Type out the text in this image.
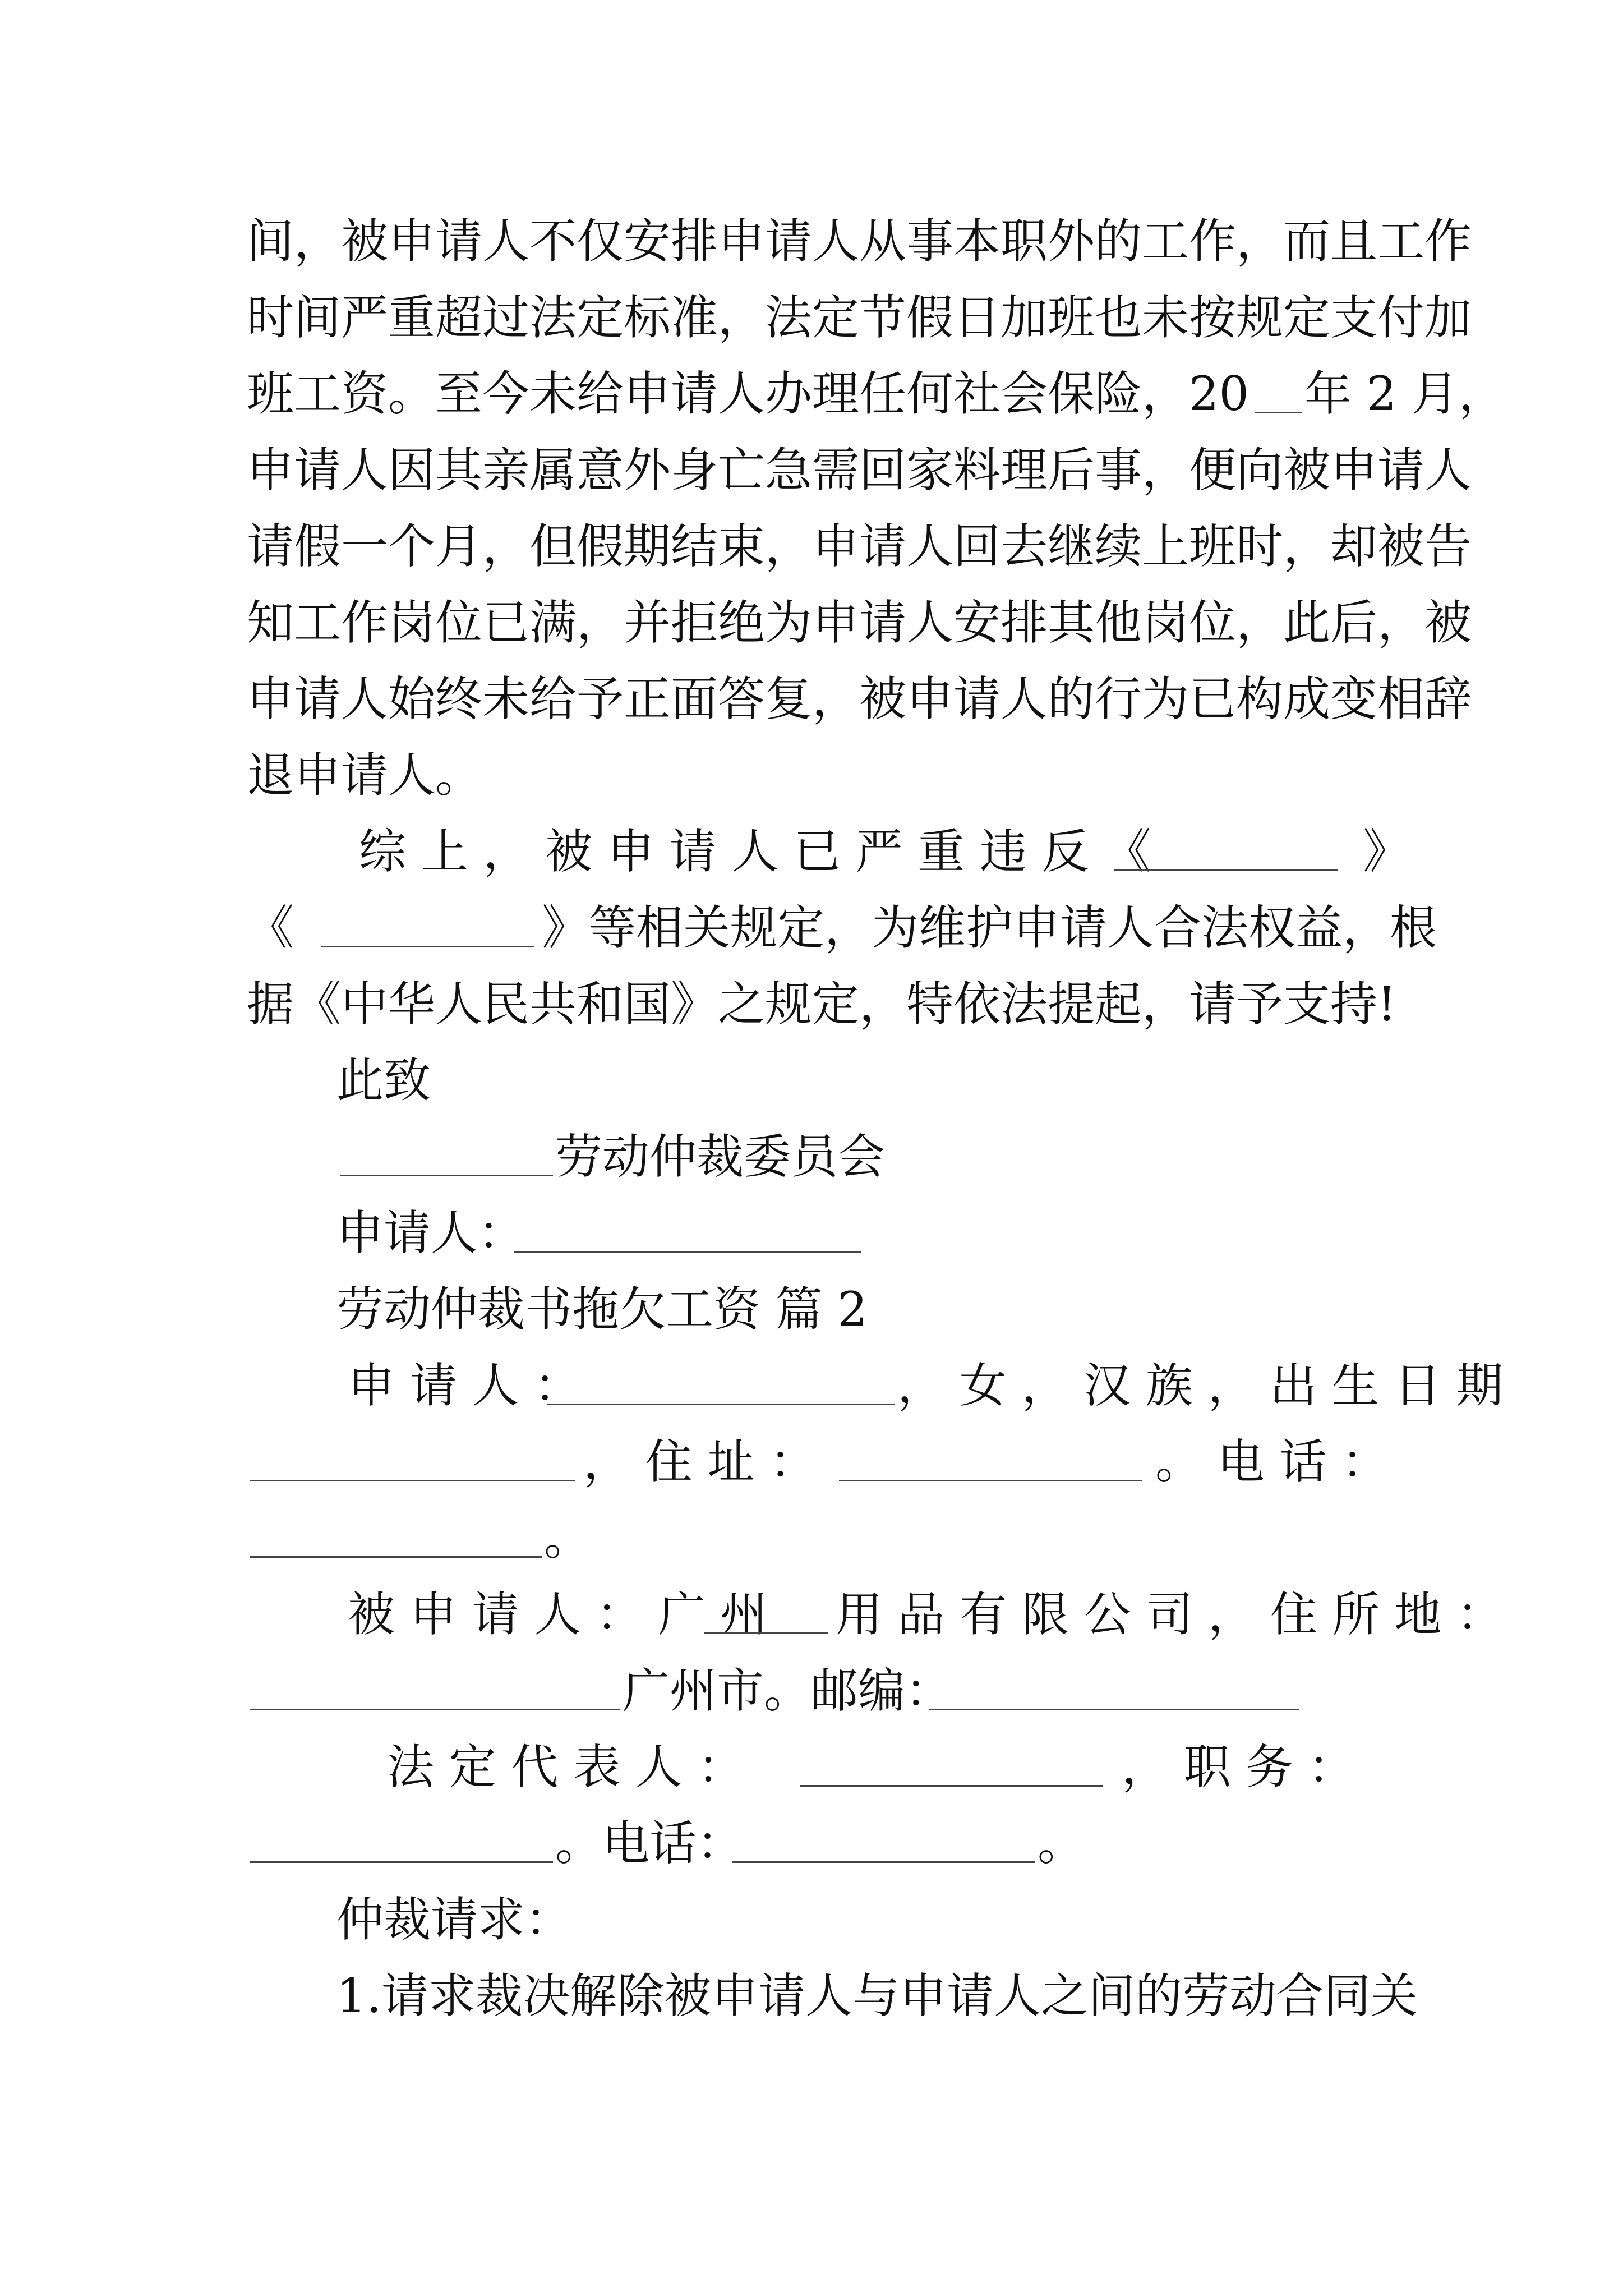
间，被申请人不仅安排申请人从事本职外的工作，而且工作
时间严重超过法定标准，法定节假日加班也未按规定支付加
班工资。至今未给申请人办理任何社会保险，20 年 2 月，
申请人因其亲属意外身亡急需回家料理后事，便向被申请人
请假一个月，但假期结束，申请人回去继续上班时，却被告
知工作岗位已满，并拒绝为申请人安排其他岗位，此后，被
申请人始终未给予正面答复，被申请人的行为已构成变相辞
退申请人。
综 上 ， 被 申 请 人 已 严 重 违 反 《	》
《	》等相关规定，为维护申请人合法权益，根
据《中华人民共和国》之规定，特依法提起，请予支持!
此致
劳动仲裁委员会
申请人：
劳动仲裁书拖欠工资 篇 2
申 请 人 ：	， 女 ， 汉 族 ， 出 生 日 期
， 住 址 ：	。 电 话 ：
。
被 申 请 人 ： 广 州 用 品 有 限 公 司 ， 住 所 地 ：
广州市。邮编：
法 定 代 表 人 ：	， 职 务 ：
。电话：	。
仲裁请求：
1.请求裁决解除被申请人与申请人之间的劳动合同关
